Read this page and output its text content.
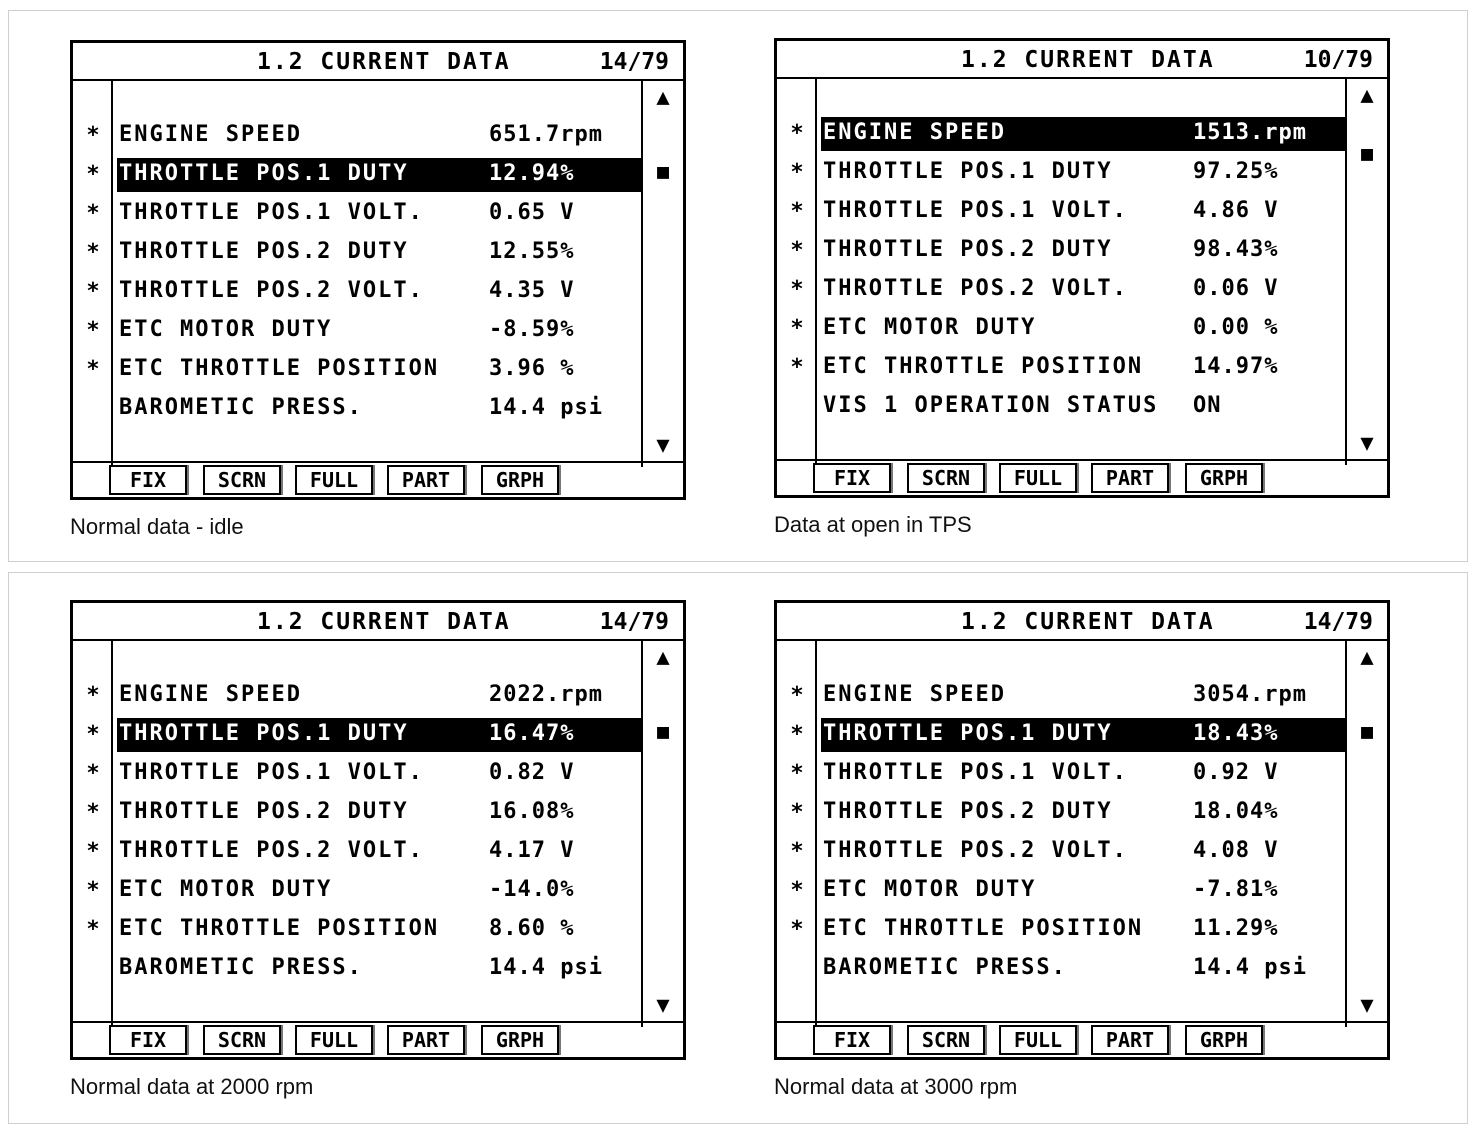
1.2 CURRENT DATA	14/79
▲
■
▼
* ENGINE SPEED	651.7rpm
* THROTTLE POS.1 DUTY	12.94%
* THROTTLE POS.1 VOLT.	0.65 V
* THROTTLE POS.2 DUTY	12.55%
* THROTTLE POS.2 VOLT.	4.35 V
* ETC MOTOR DUTY	-8.59%
* ETC THROTTLE POSITION 3.96 %
BAROMETIC PRESS.	14.4 psi
FIX	SCRN	FULL	PART	GRPH
Normal data - idle
1.2 CURRENT DATA	10/79
▲
■
▼
* ENGINE SPEED	1513.rpm
* THROTTLE POS.1 DUTY	97.25%
* THROTTLE POS.1 VOLT.	4.86 V
* THROTTLE POS.2 DUTY	98.43%
* THROTTLE POS.2 VOLT.	0.06 V
* ETC MOTOR DUTY	0.00 %
* ETC THROTTLE POSITION 14.97%
VIS 1 OPERATION STATUS ON
FIX	SCRN	FULL	PART	GRPH
Data at open in TPS
1.2 CURRENT DATA	14/79
▲
■
▼
* ENGINE SPEED	2022.rpm
* THROTTLE POS.1 DUTY	16.47%
* THROTTLE POS.1 VOLT.	0.82 V
* THROTTLE POS.2 DUTY	16.08%
* THROTTLE POS.2 VOLT.	4.17 V
* ETC MOTOR DUTY	-14.0%
* ETC THROTTLE POSITION 8.60 %
BAROMETIC PRESS.	14.4 psi
FIX	SCRN	FULL	PART	GRPH
Normal data at 2000 rpm
1.2 CURRENT DATA	14/79
▲
■
▼
* ENGINE SPEED	3054.rpm
* THROTTLE POS.1 DUTY	18.43%
* THROTTLE POS.1 VOLT.	0.92 V
* THROTTLE POS.2 DUTY	18.04%
* THROTTLE POS.2 VOLT.	4.08 V
* ETC MOTOR DUTY	-7.81%
* ETC THROTTLE POSITION 11.29%
BAROMETIC PRESS.	14.4 psi
FIX	SCRN	FULL	PART	GRPH
Normal data at 3000 rpm
